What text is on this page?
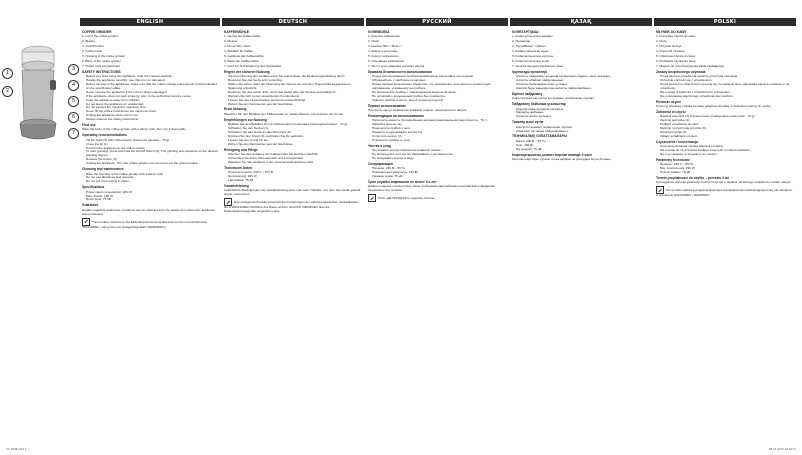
1
2
3
4
5
6
7
ENGLISH	DEUTSCH	РУССКИЙ	ҚАЗАҚ	POLSKI
COFFEE GRINDER

1. Lid of the coffee grinder

2. Blades

3. On/Off button

4. Coffee bowl

5. Housing of the coffee grinder

6. Base of the coffee grinder

7. Power cord compartment

SAFETY INSTRUCTIONS
• Before you start using the appliance, read the manual carefully.
• Handle the appliance carefully; see that it is not damaged.
• Before turning on the appliance, make sure that the mains voltage corresponds to that indicated on the specification plate.
• Never operate the appliance if the cord or plug is damaged.
• If the appliance does not work properly, refer to the authorized service center.
• Keep the appliance away from children.
• Do not leave the appliance on unattended.
• Do not exceed the maximum operation time.
• Never fill the coffee bowl above the maximum level.
• Unplug the appliance when not in use.
• Please observe the safety instructions.
First use

Wipe the body of the coffee grinder with a damp cloth, then dry it thoroughly.

Operating recommendations
• Fill the bowl (4) with coffee beans (maximum capacity - 70 g).
• Close the lid (1).
• Connect the appliance to the mains socket.
• To start grinding, press and hold the On/Off button (3). The grinding time depends on the desired grinding degree.
• Release the button (3).
• Unplug the appliance. Turn the coffee grinder over and pour out the ground coffee.
Cleaning and maintenance
• Wipe the housing of the coffee grinder with a damp cloth.
• Do not use abrasives and solvents.
• Do not put the housing in water.
Specifications
• Power rated consumption: 200 W
• Max. Power: 150 W
• Noise level: 75 dB
Guarantee

Details regarding guarantee conditions can be obtained from the dealer from whom the appliance was purchased.

This product conforms to the EMC-Requirements as laid down by the Council Directive 2004/108/EC, and to the Low Voltage Regulation (2006/95/EC).
KAFFEEMÜHLE

1. Deckel der Kaffeemühle

2. Messer

3. Knopf "Ein / Aus"

4. Behälter für Kaffee

5. Gehäuse der Kaffeemühle

6. Basis der Kaffeemühle

7. Fach für Aufbewahrung des Netzkabels

Regeln der sicheren Nutzung
• Vor dem Nutzung des Gerätes lesen Sie aufmerksam die Bedienungsanleitung durch.
• Benutzen Sie das Gerät sehr vorsichtig.
• Stellen Sie sicher, dass die Spannung des Netzes der auf dem Typenschild angegebenen Spannung entspricht.
• Benutzen Sie das Gerät nicht, wenn das Kabel oder der Stecker beschädigt ist.
• Wenden Sie sich an den autorisierten Kundendienst.
• Lassen Sie das eingeschaltete Gerät nie unbeaufsichtigt.
• Ziehen Sie den Netzstecker aus der Steckdose.
Erste Nutzung

Waschen Sie den Behälter der Kaffeemühle im milden Wasser und trocknen Sie ihn ab.

Empfehlungen zur Nutzung
• Befüllen Sie den Behälter (4) mit Kaffeebohnen (maximales Fassungsvermögen - 70 g).
• Schließen Sie den Deckel (1).
• Schließen Sie das Gerät an das Stromnetz an.
• Drücken Sie den Knopf (3) und halten Sie ihn gedrückt.
• Lassen Sie den Knopf (3) los.
• Ziehen Sie den Netzstecker aus der Steckdose.
Reinigung und Pflege
• Wischen Sie das Gehäuse der Kaffeemühle mit feuchtem Stoff ab.
• Verwenden Sie keine Scheuermittel und Lösungsmittel.
• Waschen Sie das Gehäuse in der Geschirrspülmaschine nicht.
Technische Daten
• Stromversorgung: 230 V ~ 50 Hz
• Nennleistung: 200 W
• Lärmstärke: 75 dB
Gewährleistung

Ausführliche Bedingungen der Gewährleistung kann man beim Händler, von dem das Gerät gekauft wurde, bekommen.

Das vorliegende Produkt entspricht den Forderungen der elektromagnetischen Verträglichkeit, die in 2004/108/EC Richtlinie des Rates und der Vorschrift 2006/95/EC über die Niederspannungsgeräte vorgesehen sind.
КОФЕМОЛКА

1. Крышка кофемолки

2. Ножи

3. Кнопка "Вкл. / Выкл."

4. Емкость для кофе

5. Корпус кофемолки

6. Основание кофемолки

7. Место для хранения сетевого шнура

Правила безопасности использования
• Перед использованием прибора внимательно прочитайте инструкцию.
• Обращайтесь с прибором осторожно.
• Перед первым включением убедитесь, что напряжение электросети соответствует напряжению, указанному на приборе.
• Не используйте прибор с поврежденным шнуром питания.
• Не оставляйте включенный прибор без присмотра.
• Храните прибор в месте, недоступном для детей.
Первое использование

Протрите корпус кофемолки влажной тканью, затем вытрите насухо.

Рекомендации по использованию
• Наполните емкость (4) кофейными зернами (максимальная вместимость - 70 г).
• Закройте крышку (1).
• Подключите прибор к сети.
• Нажмите и удерживайте кнопку (3).
• Отпустите кнопку (3).
• Отключите прибор от сети.
Чистка и уход
• Протирайте корпус кофемолки влажной тканью.
• Не используйте для чистки абразивные и растворители.
• Не погружайте корпус в воду.
Спецификация
• Питание: 230 В ~ 50 Гц
• Номинальная мощность: 150 Вт
• Уровень шума: 75 дБ
Срок службы кофемолки не менее 3-х лет

Данное изделие соответствует всем требуемым европейским и российским стандартам безопасности и гигиены.

ООО «ДЕ ПРОДАКТС» Сделано в Китае
КОФЕТАРТҚЫШ

1. Кофетартқыштың қақпағы

2. Пышақтар

3. "Қосу/Өшіру" түймесі

4. Кофеге арналған ыдыс

5. Кофетартқыштың корпусы

6. Кофетартқыштың негізі

7. Желілік баудың сақталатын орны

Қауіпсіздік ережелері
• Аспапты пайдалану алдында нұсқаулықты мұқият оқып шығыңыз.
• Аспапты абайлап пайдаланыңыз.
• Аспапты балалардан алыс ұстаңыз.
• Желілік бауы зақымдалған аспапты пайдаланбаңыз.
Бірінші пайдалану

Кофетартқыштың корпусын дымқыл шүберекпен сүртіңіз.

Пайдалану бойынша ұсыныстар
• Ыдысқа кофе дәндерін салыңыз.
• Қақпақты жабыңыз.
• Аспапты желіге қосыңыз.
Тазалау және күтім
• Корпусты дымқыл шүберекпен сүртіңіз.
• Абразивті заттарды пайдаланбаңыз.
ТЕХНИКАЛЫҚ СИПАТТАМАЛАРЫ
• Қорек: 230 В ~ 50 Гц
• Қуат: 150 Вт
• Шу деңгейі: 75 дБ
Кофетартқыштың қызмет мерзімі кемінде 3 жыл

Кепілдік шарттары туралы толық ақпаратты дилерден алуға болады.

MŁYNEK DO KAWY

1. Pokrywka młynka do kawy

2. Noże

3. Przycisk wł./wył.

4. Pojemnik na kawę

5. Obudowa młynka do kawy

6. Podstawa młynka do kawy

7. Miejsce do przechowywania kabla zasilającego

Zasady bezpiecznego używania
• Przed użyciem urządzenia uważnie przeczytaj instrukcję.
• Ostrożnie obchodź się z urządzeniem.
• Przed pierwszym włączeniem upewnij się, że napięcie sieci odpowiada napięciu podanemu na urządzeniu.
• Nie używaj urządzenia z uszkodzonym przewodem.
• Nie pozostawiaj włączonego urządzenia bez nadzoru.
Pierwsze użycie

Przetrzyj obudowę młynka do kawy wilgotną szmatką, a następnie wytrzyj do sucha.

Zalecenia w użyciu
• Napełnij pojemnik (4) ziarnami kawy (maksymalna pojemność - 70 g).
• Zamknij pokrywkę (1).
• Podłącz urządzenie do sieci.
• Naciśnij i przytrzymaj przycisk (3).
• Zwolnij przycisk (3).
• Odłącz urządzenie od sieci.
Czyszczenie i konserwacja
• Przecieraj obudowę młynka wilgotną szmatką.
• Nie używaj do czyszczenia środków ściernych i rozpuszczalników.
• Nie myj obudowy w zmywarce do naczyń.
Parametry techniczne
• Napięcie: 230 V ~ 50 Hz
• Moc znamionowa: 150 W
• Poziom hałasu: 75 dB
Termin przydatności do użytku – przeszło 3 lat

Szczegółowe warunki gwarancji można otrzymać u dealera, od którego urządzenie zostało nabyte.

Ten produkt spełnia wymagania dotyczące kompatybilności elektromagnetycznej, jak określono w dyrektywie 2004/108/EC i 2006/95/EC.
VT-1548.indd 1	08.11.2013 10:42:11
